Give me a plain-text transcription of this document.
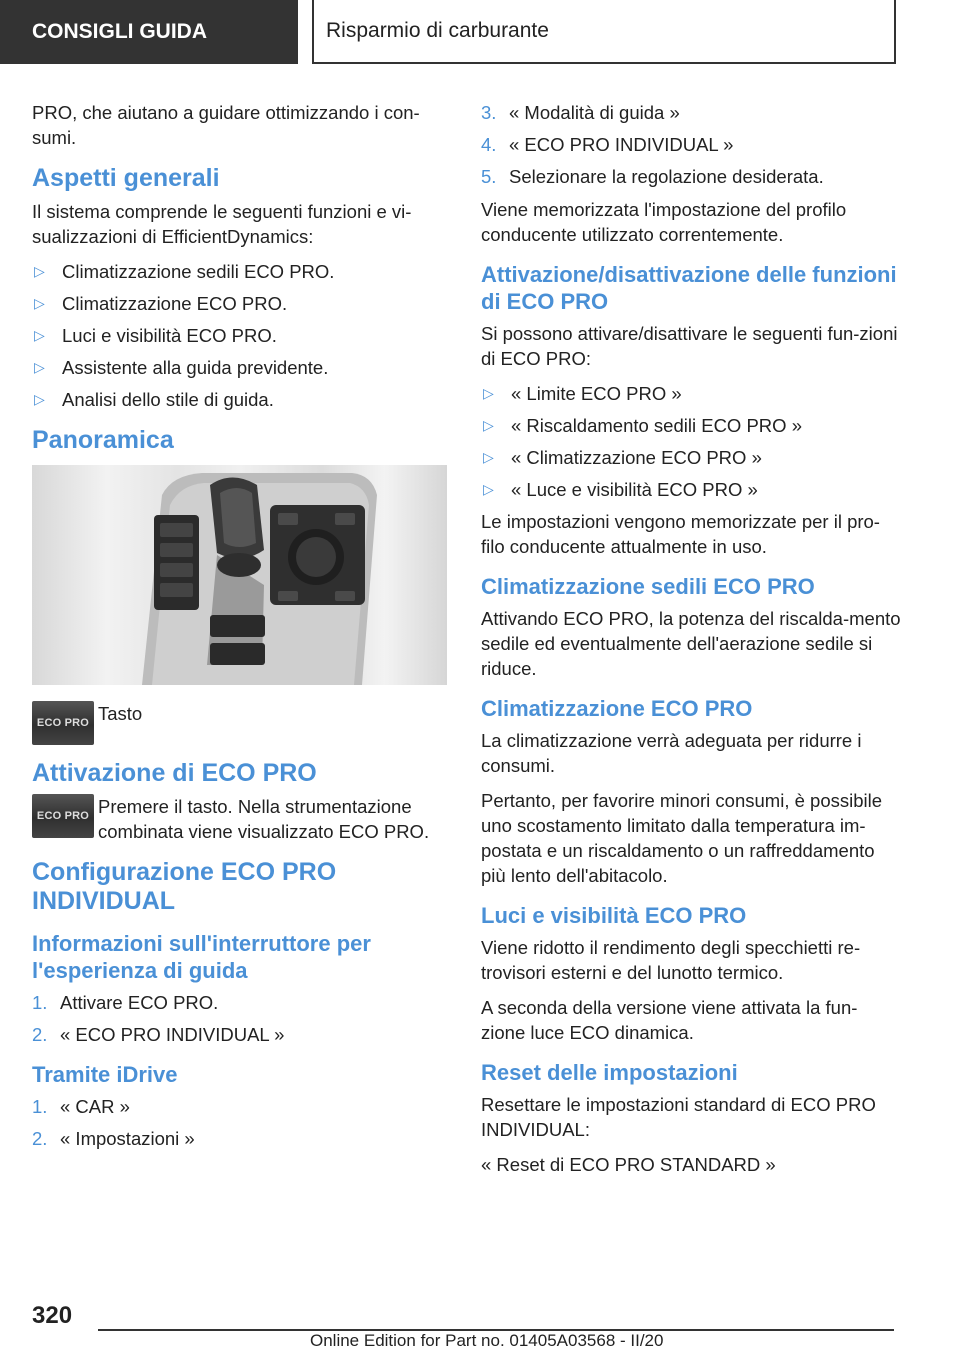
CONSIGLI GUIDA	Risparmio di carburante

PRO, che aiutano a guidare ottimizzando i con-sumi.

Aspetti generali

Il sistema comprende le seguenti funzioni e vi-sualizzazioni di EfficientDynamics:

▷ Climatizzazione sedili ECO PRO.
▷ Climatizzazione ECO PRO.
▷ Luci e visibilità ECO PRO.
▷ Assistente alla guida previdente.
▷ Analisi dello stile di guida.
Panoramica
ECO PRO Tasto
Attivazione di ECO PRO
ECO PRO Premere il tasto. Nella strumentazione combinata viene visualizzato ECO PRO.
Configurazione ECO PRO INDIVIDUAL
Informazioni sull'interruttore per l'esperienza di guida
1. Attivare ECO PRO.
2. « ECO PRO INDIVIDUAL »
Tramite iDrive
1. « CAR »
2. « Impostazioni »
3. « Modalità di guida »
4. « ECO PRO INDIVIDUAL »
5. Selezionare la regolazione desiderata.

Viene memorizzata l'impostazione del profilo conducente utilizzato correntemente.

Attivazione/disattivazione delle funzioni di ECO PRO

Si possono attivare/disattivare le seguenti fun-zioni di ECO PRO:

▷ « Limite ECO PRO »
▷ « Riscaldamento sedili ECO PRO »
▷ « Climatizzazione ECO PRO »
▷ « Luce e visibilità ECO PRO »

Le impostazioni vengono memorizzate per il pro-filo conducente attualmente in uso.

Climatizzazione sedili ECO PRO

Attivando ECO PRO, la potenza del riscalda-mento sedile ed eventualmente dell'aerazione sedile si riduce.

Climatizzazione ECO PRO

La climatizzazione verrà adeguata per ridurre i consumi.

Pertanto, per favorire minori consumi, è possibile uno scostamento limitato dalla temperatura im-postata e un riscaldamento o un raffreddamento più lento dell'abitacolo.

Luci e visibilità ECO PRO

Viene ridotto il rendimento degli specchietti re-trovisori esterni e del lunotto termico.

A seconda della versione viene attivata la fun-zione luce ECO dinamica.

Reset delle impostazioni

Resettare le impostazioni standard di ECO PRO INDIVIDUAL:

« Reset di ECO PRO STANDARD »

320
Online Edition for Part no. 01405A03568 - II/20
